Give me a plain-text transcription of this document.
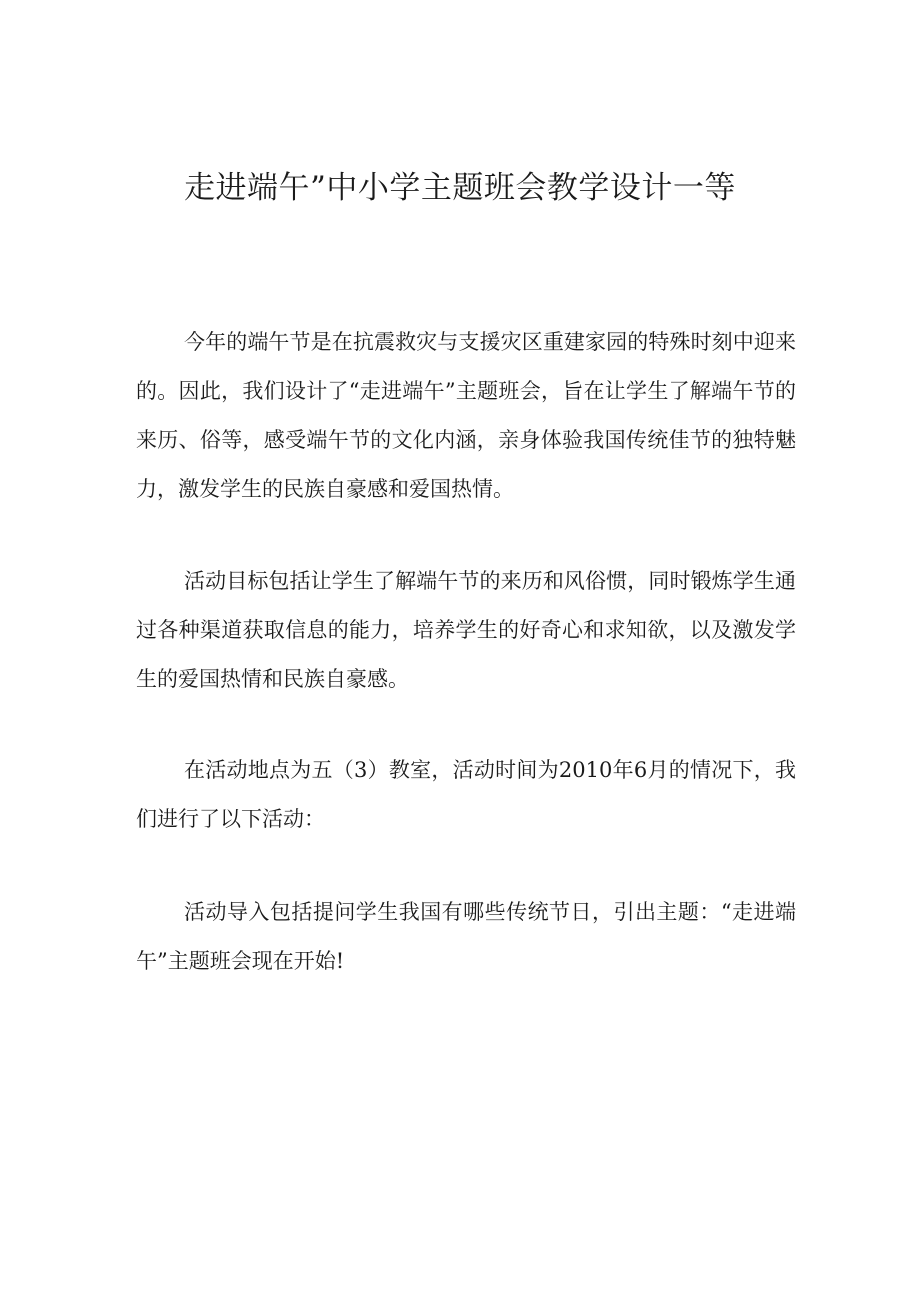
走进端午”中小学主题班会教学设计一等

今年的端午节是在抗震救灾与支援灾区重建家园的特殊时刻中迎来的。因此，我们设计了“走进端午”主题班会，旨在让学生了解端午节的来历、俗等，感受端午节的文化内涵，亲身体验我国传统佳节的独特魅力，激发学生的民族自豪感和爱国热情。

活动目标包括让学生了解端午节的来历和风俗惯，同时锻炼学生通过各种渠道获取信息的能力，培养学生的好奇心和求知欲，以及激发学生的爱国热情和民族自豪感。

在活动地点为五（3）教室，活动时间为2010年6月的情况下，我们进行了以下活动：

活动导入包括提问学生我国有哪些传统节日，引出主题：“走进端午”主题班会现在开始!
